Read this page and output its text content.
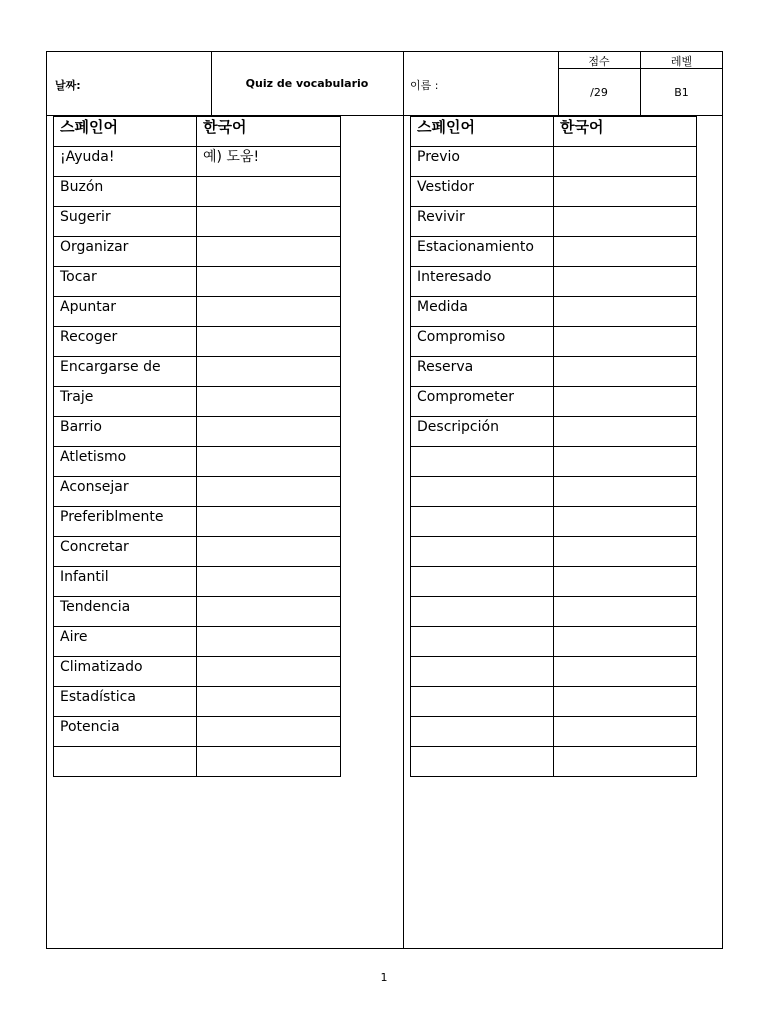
날짜:	Quiz de vocabulario	이름 :
점수	레벨
/29	B1
스페인어	한국어
¡Ayuda!	예) 도움!
Buzón	
Sugerir	
Organizar	
Tocar	
Apuntar	
Recoger	
Encargarse de	
Traje	
Barrio	
Atletismo	
Aconsejar	
Preferiblmente	
Concretar	
Infantil	
Tendencia	
Aire	
Climatizado	
Estadística	
Potencia	

스페인어	한국어
Previo	
Vestidor	
Revivir	
Estacionamiento	
Interesado	
Medida	
Compromiso	
Reserva	
Comprometer	
Descripción	

1
